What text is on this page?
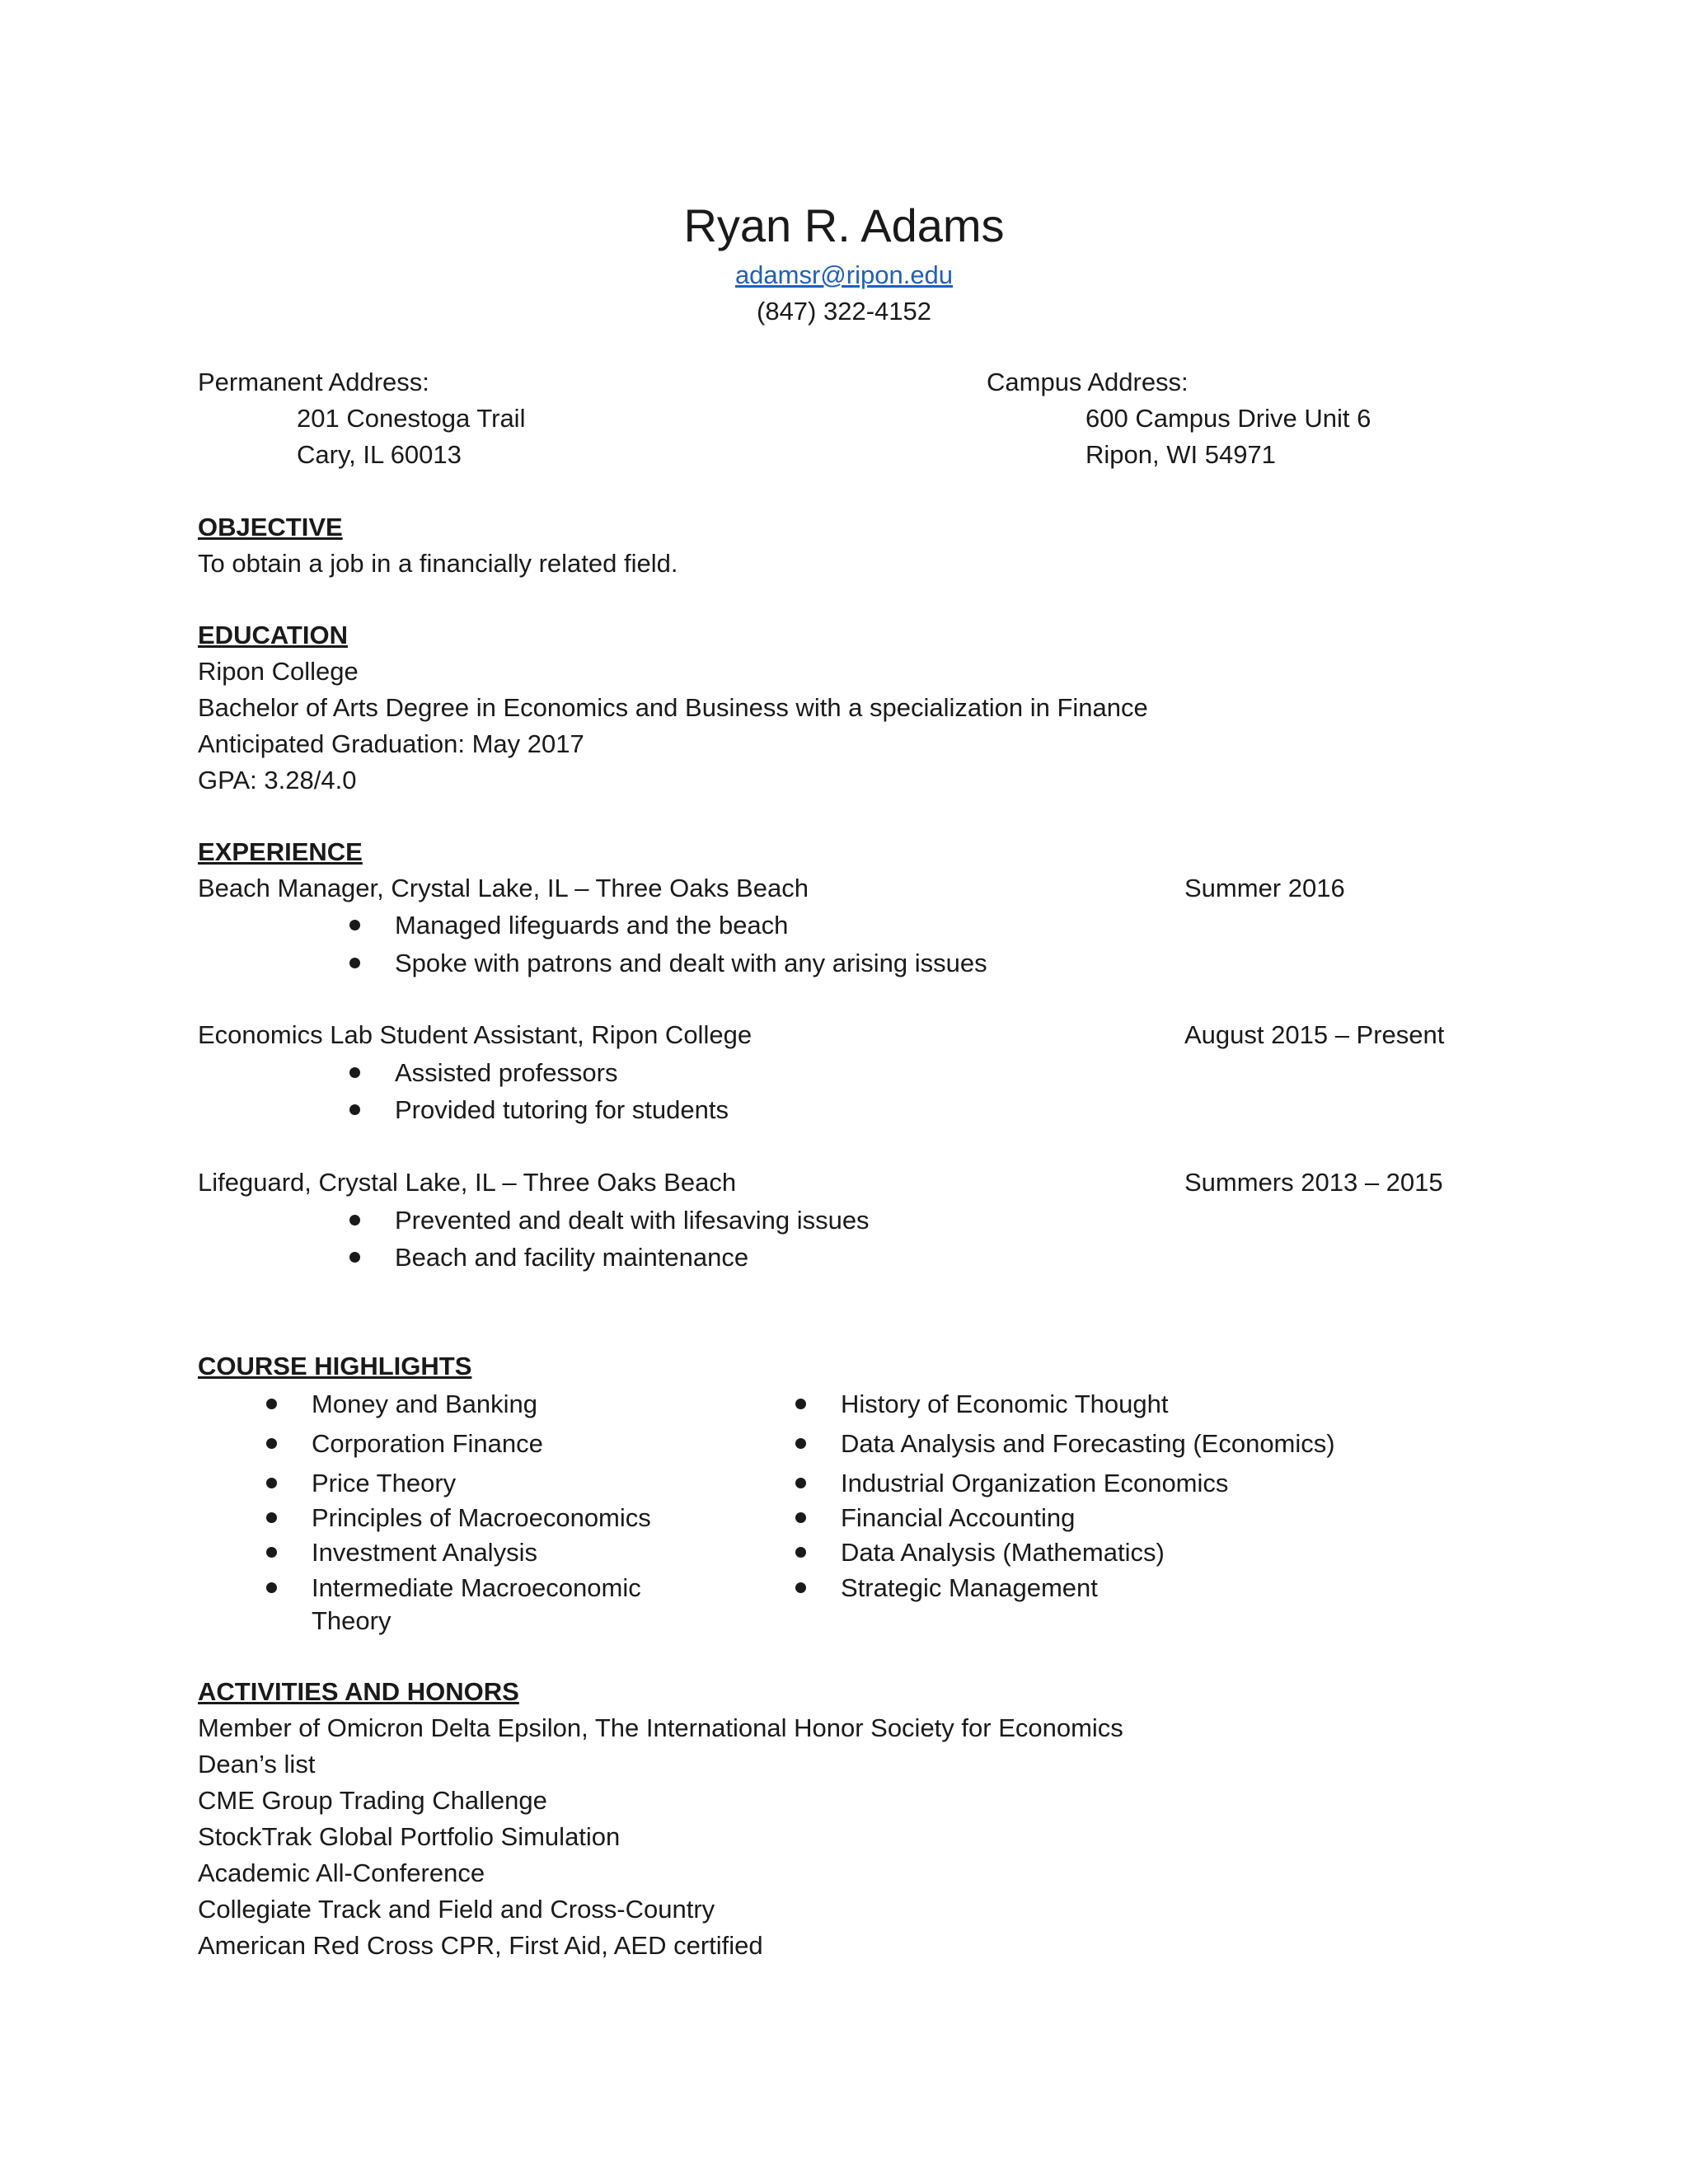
Ryan R. Adams
adamsr@ripon.edu
(847) 322-4152
Permanent Address:
201 Conestoga Trail
Cary, IL 60013
Campus Address:
600 Campus Drive Unit 6
Ripon, WI 54971
OBJECTIVE
To obtain a job in a financially related field.
EDUCATION
Ripon College
Bachelor of Arts Degree in Economics and Business with a specialization in Finance
Anticipated Graduation: May 2017
GPA: 3.28/4.0
EXPERIENCE
Beach Manager, Crystal Lake, IL – Three Oaks Beach	Summer 2016
Managed lifeguards and the beach
Spoke with patrons and dealt with any arising issues
Economics Lab Student Assistant, Ripon College	August 2015 – Present
Assisted professors
Provided tutoring for students
Lifeguard, Crystal Lake, IL – Three Oaks Beach	Summers 2013 – 2015
Prevented and dealt with lifesaving issues
Beach and facility maintenance
COURSE HIGHLIGHTS
Money and Banking
Corporation Finance
Price Theory
Principles of Macroeconomics
Investment Analysis
Intermediate Macroeconomic
Theory
History of Economic Thought
Data Analysis and Forecasting (Economics)
Industrial Organization Economics
Financial Accounting
Data Analysis (Mathematics)
Strategic Management
ACTIVITIES AND HONORS
Member of Omicron Delta Epsilon, The International Honor Society for Economics
Dean’s list
CME Group Trading Challenge
StockTrak Global Portfolio Simulation
Academic All-Conference
Collegiate Track and Field and Cross-Country
American Red Cross CPR, First Aid, AED certified
